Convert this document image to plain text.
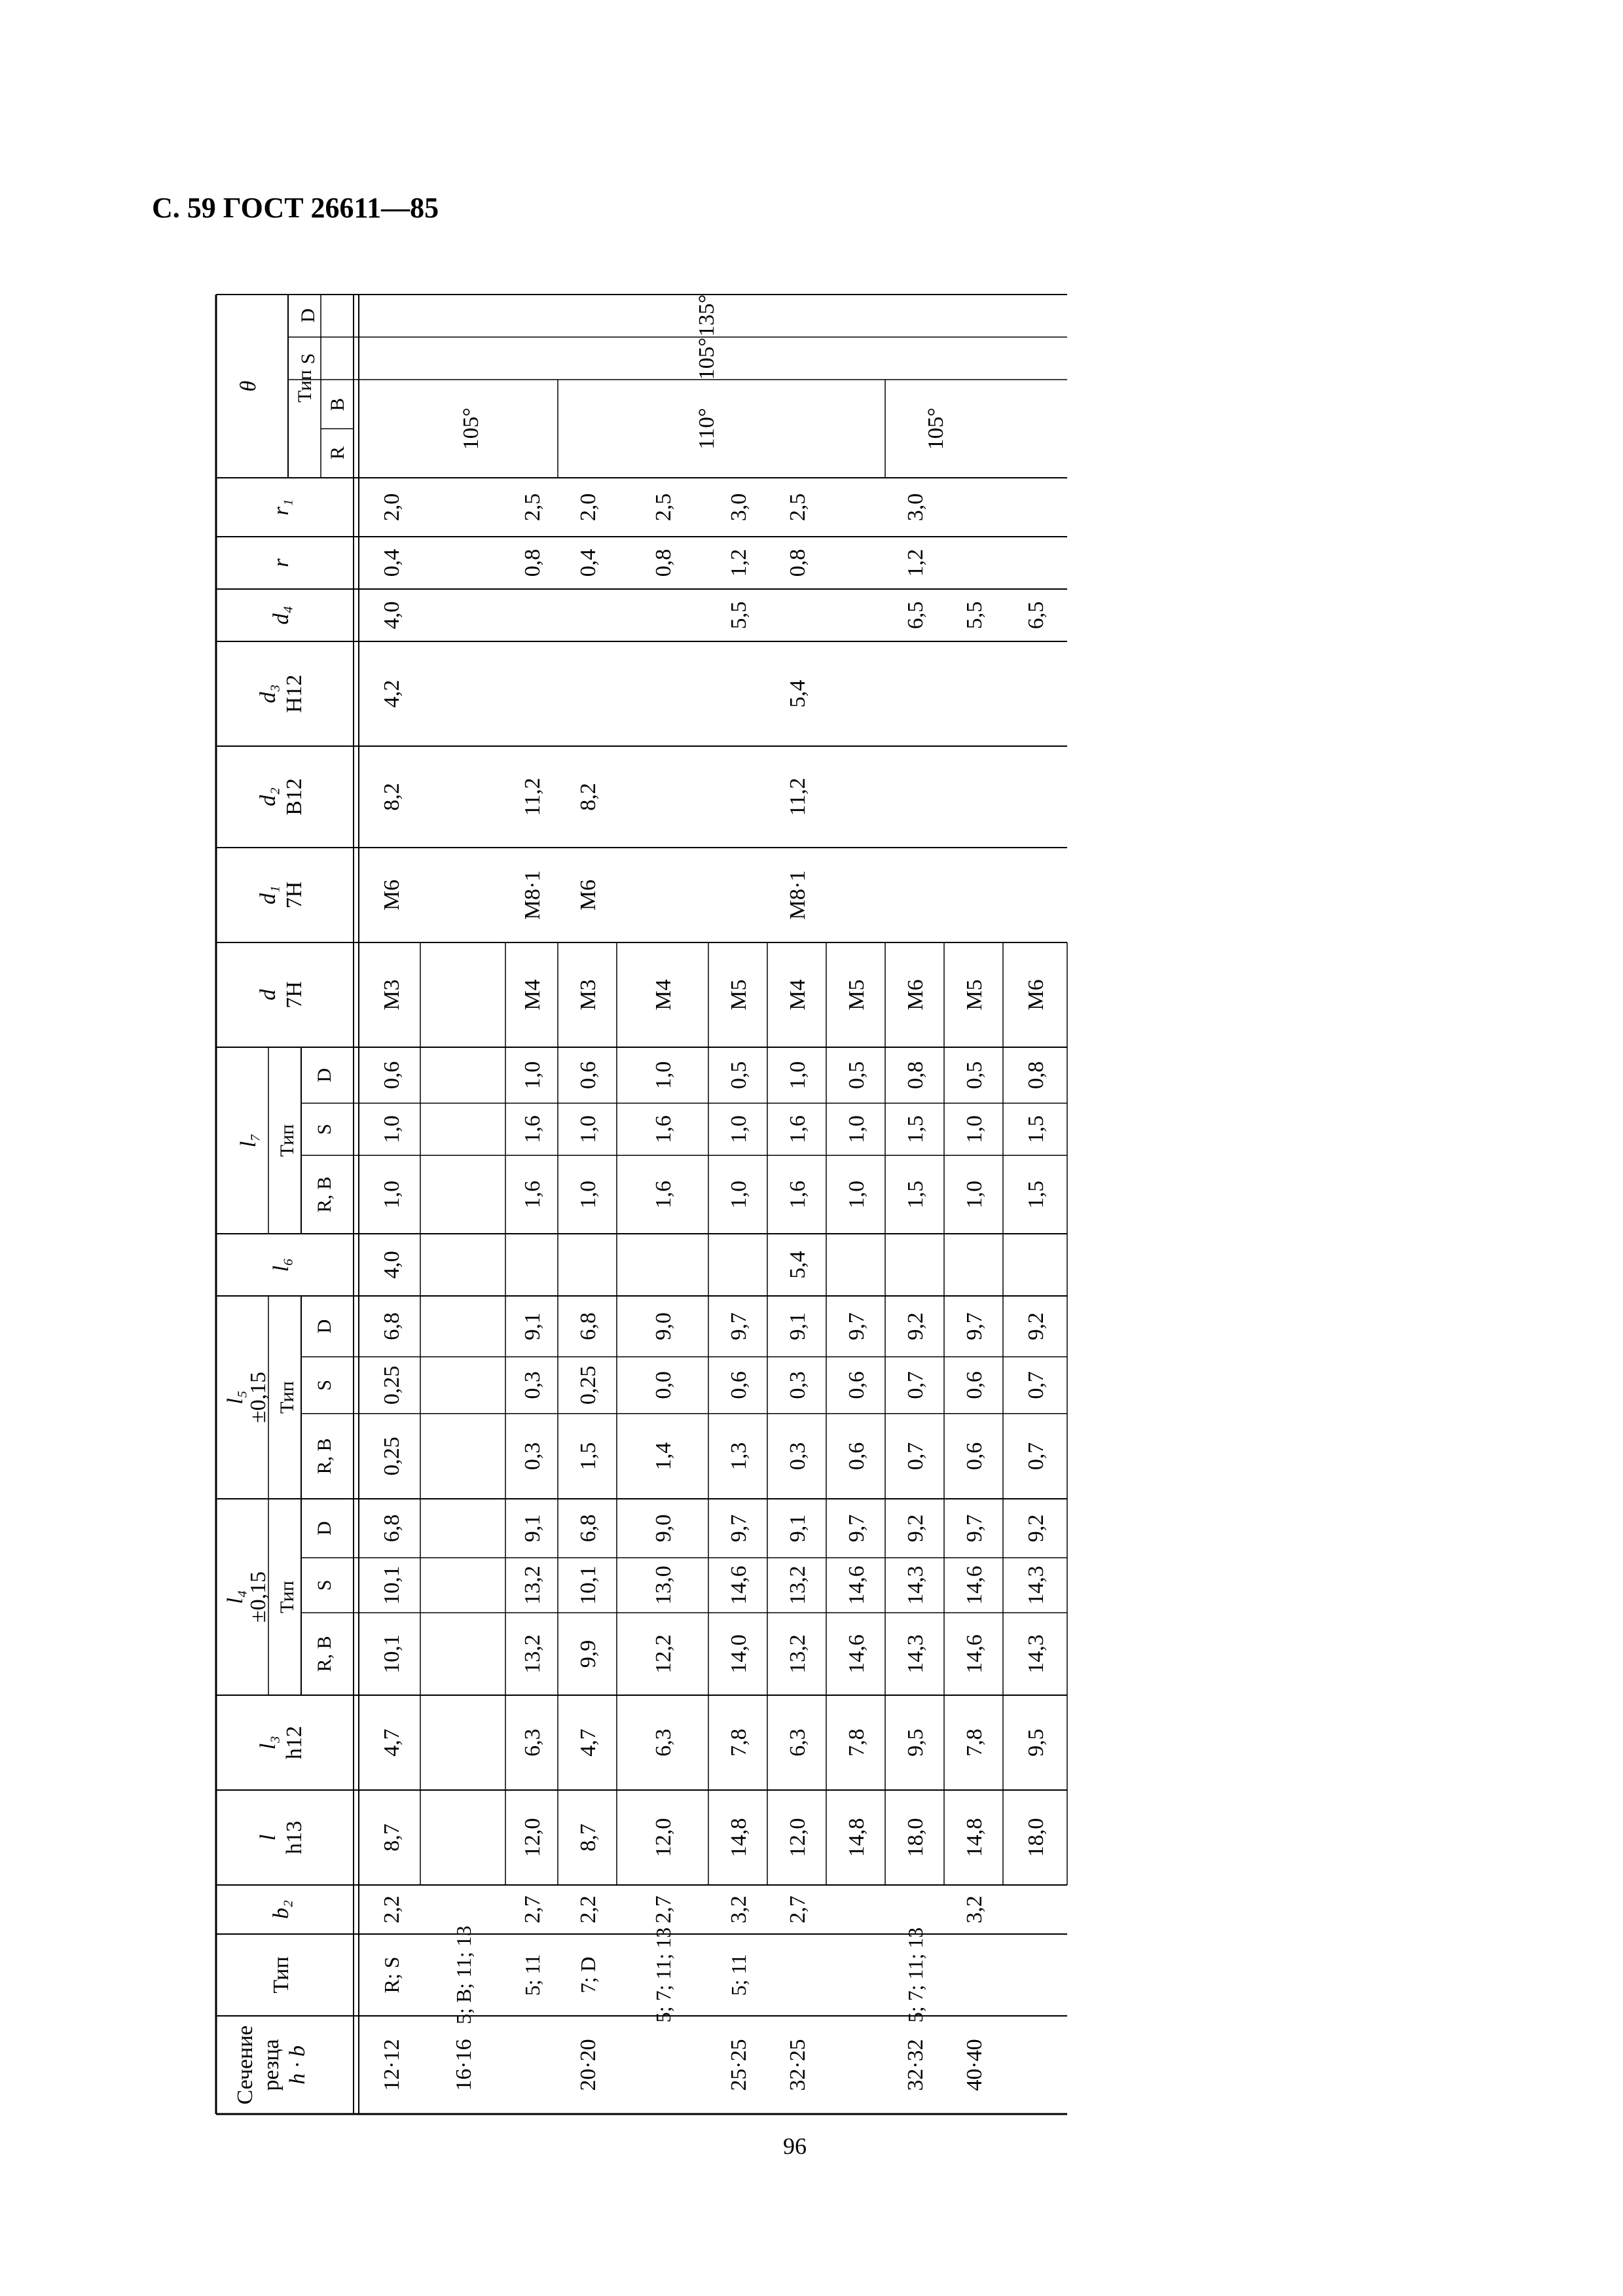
С. 59 ГОСТ 26611—85
Сечение резца h · b
Тип
b₂
l h13
l₃ h12
l₄
±0,15
l₅
±0,15
l₆
l₇
d 7H
d₁ 7H
d₂ B12
d₃ H12
d₄
r
r₁
θ Тип
Тип
R, B
S
D
Тип
R, B
S
D
Тип
R, B
S
D
R
B
S
D
12·12
R; S
2,2
8,7
4,7
10,1
10,1
6,8
0,25
0,25
6,8
4,0
1,0
1,0
0,6
M3
M6
8,2
4,2
4,0
0,4
2,0
16·16
5; B; 11; 13 5; 11
2,7
12,0
6,3
13,2
13,2
9,1
0,3
0,3
9,1
1,6
1,6
1,0
M4
M8·1
11,2
0,8
2,5
20·20
7; D
2,2
8,7
4,7
9,9
10,1
6,8
1,5
0,25
6,8
1,0
1,0
0,6
M3
M6
8,2
0,4
2,0
5; 7; 11; 13
2,7
12,0
6,3
12,2
13,0
9,0
1,4
0,0
9,0
1,6
1,6
1,0
M4
0,8
2,5
25·25
5; 11
3,2
14,8
7,8
14,0
14,6
9,7
1,3
0,6
9,7
1,0
1,0
0,5
M5
5,5
1,2
3,0
32·25
2,7
12,0
6,3
13,2
13,2
9,1
0,3
0,3
9,1
5,4
1,6
1,6
1,0
M4
M8·1
11,2
5,4
0,8
2,5
14,8
7,8
14,6
14,6
9,7
0,6
0,6
9,7
1,0
1,0
0,5
M5
32·32
5; 7; 11; 13
18,0
9,5
14,3
14,3
9,2
0,7
0,7
9,2
1,5
1,5
0,8
M6
6,5
1,2
3,0
40·40
3,2
14,8
7,8
14,6
14,6
9,7
0,6
0,6
9,7
1,0
1,0
0,5
M5
5,5
18,0
9,5
14,3
14,3
9,2
0,7
0,7
9,2
1,5
1,5
0,8
M6
6,5
105°	110°	105°
105°
135°
96
